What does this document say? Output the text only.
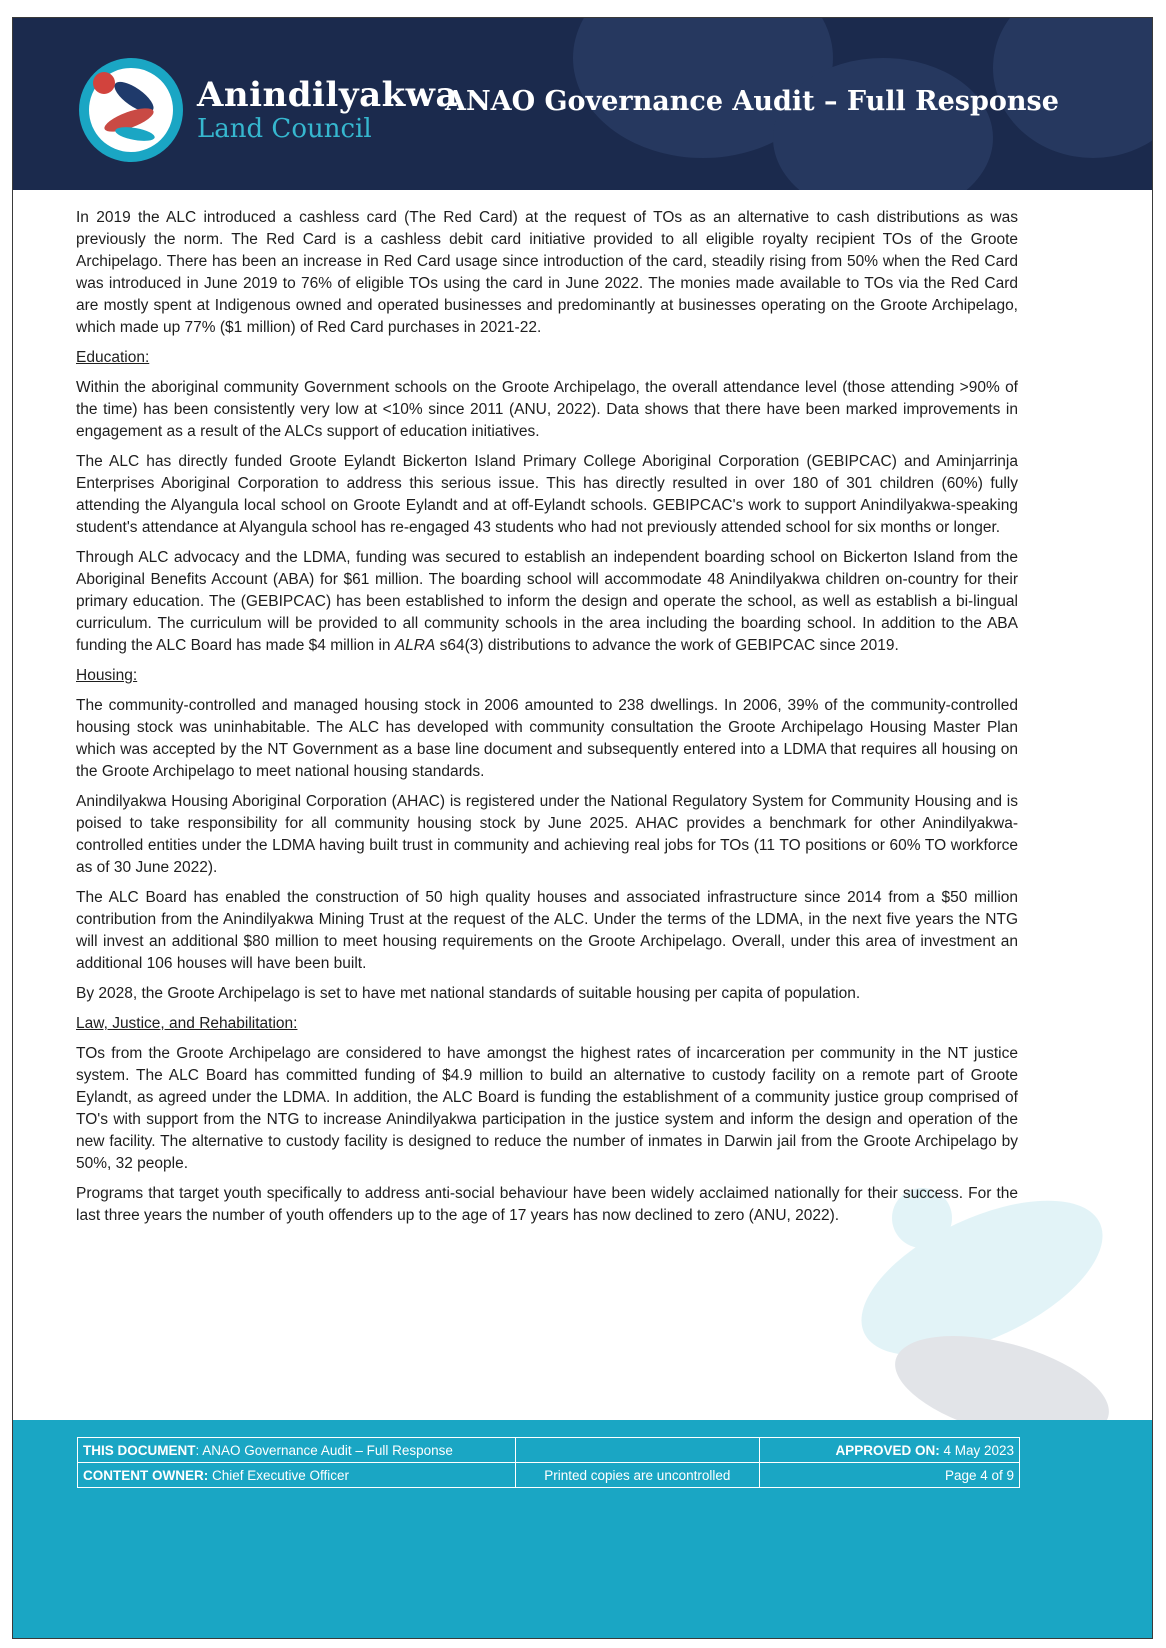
Anindilyakwa
Land Council
ANAO Governance Audit – Full Response

In 2019 the ALC introduced a cashless card (The Red Card) at the request of TOs as an alternative to cash distributions as was previously the norm. The Red Card is a cashless debit card initiative provided to all eligible royalty recipient TOs of the Groote Archipelago. There has been an increase in Red Card usage since introduction of the card, steadily rising from 50% when the Red Card was introduced in June 2019 to 76% of eligible TOs using the card in June 2022. The monies made available to TOs via the Red Card are mostly spent at Indigenous owned and operated businesses and predominantly at businesses operating on the Groote Archipelago, which made up 77% ($1 million) of Red Card purchases in 2021-22.

Education:

Within the aboriginal community Government schools on the Groote Archipelago, the overall attendance level (those attending >90% of the time) has been consistently very low at <10% since 2011 (ANU, 2022). Data shows that there have been marked improvements in engagement as a result of the ALCs support of education initiatives.

The ALC has directly funded Groote Eylandt Bickerton Island Primary College Aboriginal Corporation (GEBIPCAC) and Aminjarrinja Enterprises Aboriginal Corporation to address this serious issue. This has directly resulted in over 180 of 301 children (60%) fully attending the Alyangula local school on Groote Eylandt and at off-Eylandt schools. GEBIPCAC's work to support Anindilyakwa-speaking student's attendance at Alyangula school has re-engaged 43 students who had not previously attended school for six months or longer.

Through ALC advocacy and the LDMA, funding was secured to establish an independent boarding school on Bickerton Island from the Aboriginal Benefits Account (ABA) for $61 million. The boarding school will accommodate 48 Anindilyakwa children on-country for their primary education. The (GEBIPCAC) has been established to inform the design and operate the school, as well as establish a bi-lingual curriculum. The curriculum will be provided to all community schools in the area including the boarding school. In addition to the ABA funding the ALC Board has made $4 million in ALRA s64(3) distributions to advance the work of GEBIPCAC since 2019.

Housing:

The community-controlled and managed housing stock in 2006 amounted to 238 dwellings. In 2006, 39% of the community-controlled housing stock was uninhabitable. The ALC has developed with community consultation the Groote Archipelago Housing Master Plan which was accepted by the NT Government as a base line document and subsequently entered into a LDMA that requires all housing on the Groote Archipelago to meet national housing standards.

Anindilyakwa Housing Aboriginal Corporation (AHAC) is registered under the National Regulatory System for Community Housing and is poised to take responsibility for all community housing stock by June 2025. AHAC provides a benchmark for other Anindilyakwa-controlled entities under the LDMA having built trust in community and achieving real jobs for TOs (11 TO positions or 60% TO workforce as of 30 June 2022).

The ALC Board has enabled the construction of 50 high quality houses and associated infrastructure since 2014 from a $50 million contribution from the Anindilyakwa Mining Trust at the request of the ALC. Under the terms of the LDMA, in the next five years the NTG will invest an additional $80 million to meet housing requirements on the Groote Archipelago. Overall, under this area of investment an additional 106 houses will have been built.

By 2028, the Groote Archipelago is set to have met national standards of suitable housing per capita of population.

Law, Justice, and Rehabilitation:

TOs from the Groote Archipelago are considered to have amongst the highest rates of incarceration per community in the NT justice system. The ALC Board has committed funding of $4.9 million to build an alternative to custody facility on a remote part of Groote Eylandt, as agreed under the LDMA. In addition, the ALC Board is funding the establishment of a community justice group comprised of TO's with support from the NTG to increase Anindilyakwa participation in the justice system and inform the design and operation of the new facility. The alternative to custody facility is designed to reduce the number of inmates in Darwin jail from the Groote Archipelago by 50%, 32 people.

Programs that target youth specifically to address anti-social behaviour have been widely acclaimed nationally for their success. For the last three years the number of youth offenders up to the age of 17 years has now declined to zero (ANU, 2022).

THIS DOCUMENT: ANAO Governance Audit – Full Response		APPROVED ON: 4 May 2023
CONTENT OWNER: Chief Executive Officer	Printed copies are uncontrolled	Page 4 of 9
